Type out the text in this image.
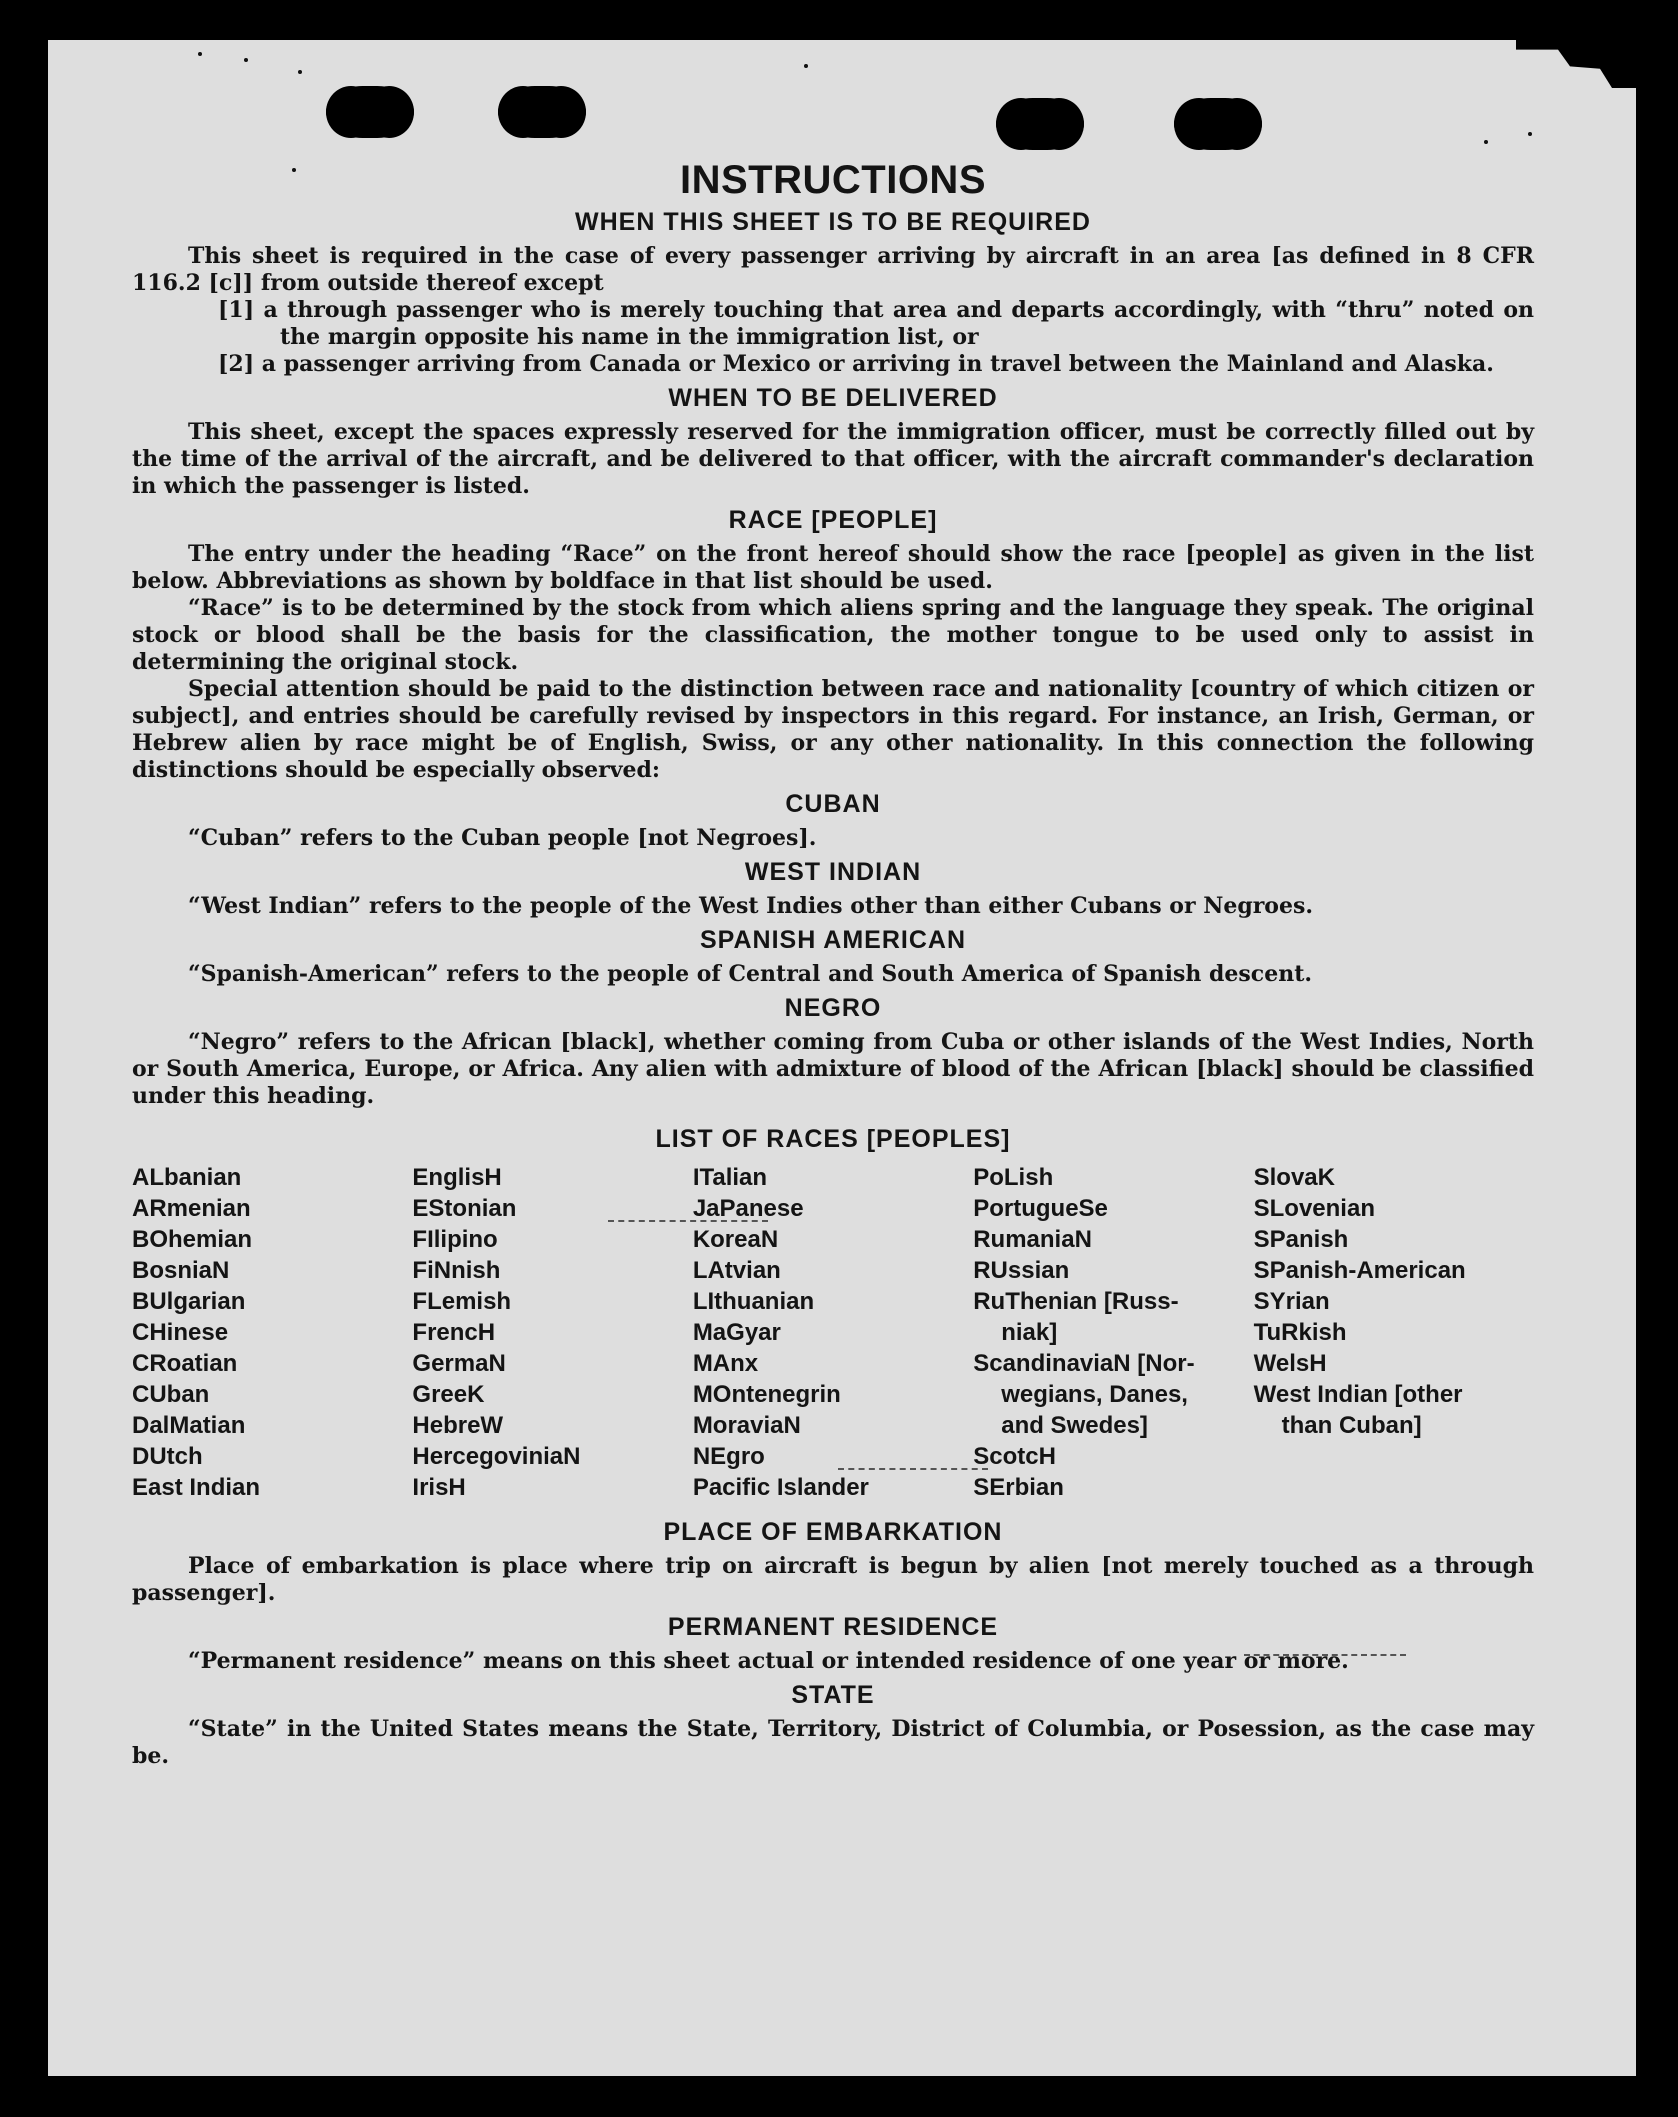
INSTRUCTIONS
WHEN THIS SHEET IS TO BE REQUIRED

This sheet is required in the case of every passenger arriving by aircraft in an area [as defined in 8 CFR 116.2 [c]] from outside thereof except

[1] a through passenger who is merely touching that area and departs accordingly, with “thru” noted on the margin opposite his name in the immigration list, or

[2] a passenger arriving from Canada or Mexico or arriving in travel between the Mainland and Alaska.

WHEN TO BE DELIVERED

This sheet, except the spaces expressly reserved for the immigration officer, must be correctly filled out by the time of the arrival of the aircraft, and be delivered to that officer, with the aircraft commander's declaration in which the passenger is listed.

RACE [PEOPLE]

The entry under the heading “Race” on the front hereof should show the race [people] as given in the list below. Abbreviations as shown by boldface in that list should be used.

“Race” is to be determined by the stock from which aliens spring and the language they speak. The original stock or blood shall be the basis for the classification, the mother tongue to be used only to assist in determining the original stock.

Special attention should be paid to the distinction between race and nationality [country of which citizen or subject], and entries should be carefully revised by inspectors in this regard. For instance, an Irish, German, or Hebrew alien by race might be of English, Swiss, or any other nationality. In this connection the following distinctions should be especially observed:

CUBAN

“Cuban” refers to the Cuban people [not Negroes].

WEST INDIAN

“West Indian” refers to the people of the West Indies other than either Cubans or Negroes.

SPANISH AMERICAN

“Spanish-American” refers to the people of Central and South America of Spanish descent.

NEGRO

“Negro” refers to the African [black], whether coming from Cuba or other islands of the West Indies, North or South America, Europe, or Africa. Any alien with admixture of blood of the African [black] should be classified under this heading.

LIST OF RACES [PEOPLES]
ALbanian
ARmenian
BOhemian
BosniaN
BUlgarian
CHinese
CRoatian
CUban
DalMatian
DUtch
East Indian
EnglisH
EStonian
FIlipino
FiNnish
FLemish
FrencH
GermaN
GreeK
HebreW
HercegoviniaN
IrisH
ITalian
JaPanese
KoreaN
LAtvian
LIthuanian
MaGyar
MAnx
MOntenegrin
MoraviaN
NEgro
Pacific Islander
PoLish
PortugueSe
RumaniaN
RUssian
RuThenian [Russ-
niak]
ScandinaviaN [Nor-
wegians, Danes,
and Swedes]
ScotcH
SErbian
SlovaK
SLovenian
SPanish
SPanish-American
SYrian
TuRkish
WelsH
West Indian [other
than Cuban]
PLACE OF EMBARKATION

Place of embarkation is place where trip on aircraft is begun by alien [not merely touched as a through passenger].

PERMANENT RESIDENCE

“Permanent residence” means on this sheet actual or intended residence of one year or more.

STATE

“State” in the United States means the State, Territory, District of Columbia, or Posession, as the case may be.
